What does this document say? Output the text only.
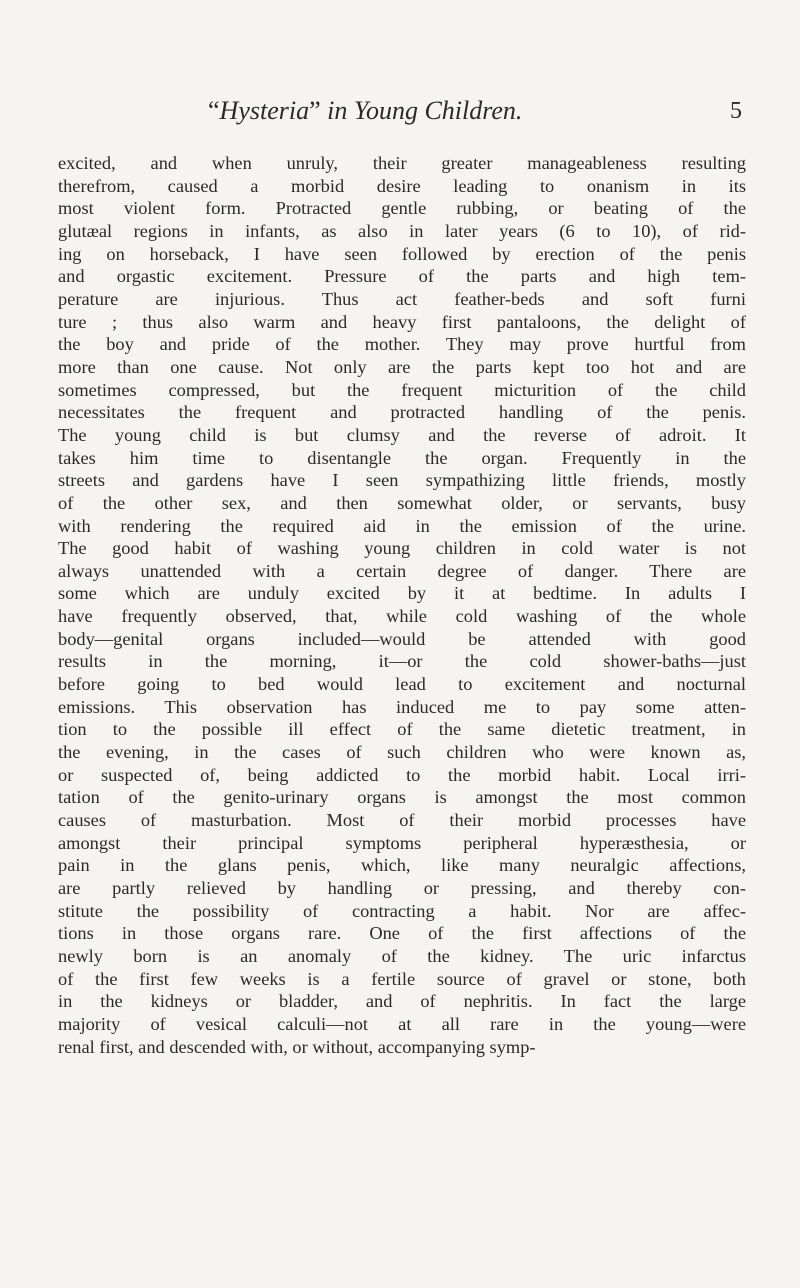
“Hysteria” in Young Children.	5
excited, and when unruly, their greater manageableness resulting
therefrom, caused a morbid desire leading to onanism in its
most violent form. Protracted gentle rubbing, or beating of the
glutæal regions in infants, as also in later years (6 to 10), of rid-
ing on horseback, I have seen followed by erection of the penis
and orgastic excitement. Pressure of the parts and high tem-
perature are injurious. Thus act feather-beds and soft furni
ture ; thus also warm and heavy first pantaloons, the delight of
the boy and pride of the mother. They may prove hurtful from
more than one cause. Not only are the parts kept too hot and are
sometimes compressed, but the frequent micturition of the child
necessitates the frequent and protracted handling of the penis.
The young child is but clumsy and the reverse of adroit. It
takes him time to disentangle the organ. Frequently in the
streets and gardens have I seen sympathizing little friends, mostly
of the other sex, and then somewhat older, or servants, busy
with rendering the required aid in the emission of the urine.
The good habit of washing young children in cold water is not
always unattended with a certain degree of danger. There are
some which are unduly excited by it at bedtime. In adults I
have frequently observed, that, while cold washing of the whole
body—genital organs included—would be attended with good
results in the morning, it—or the cold shower-baths—just
before going to bed would lead to excitement and nocturnal
emissions. This observation has induced me to pay some atten-
tion to the possible ill effect of the same dietetic treatment, in
the evening, in the cases of such children who were known as,
or suspected of, being addicted to the morbid habit. Local irri-
tation of the genito-urinary organs is amongst the most common
causes of masturbation. Most of their morbid processes have
amongst their principal symptoms peripheral hyperæsthesia, or
pain in the glans penis, which, like many neuralgic affections,
are partly relieved by handling or pressing, and thereby con-
stitute the possibility of contracting a habit. Nor are affec-
tions in those organs rare. One of the first affections of the
newly born is an anomaly of the kidney. The uric infarctus
of the first few weeks is a fertile source of gravel or stone, both
in the kidneys or bladder, and of nephritis. In fact the large
majority of vesical calculi—not at all rare in the young—were
renal first, and descended with, or without, accompanying symp-
